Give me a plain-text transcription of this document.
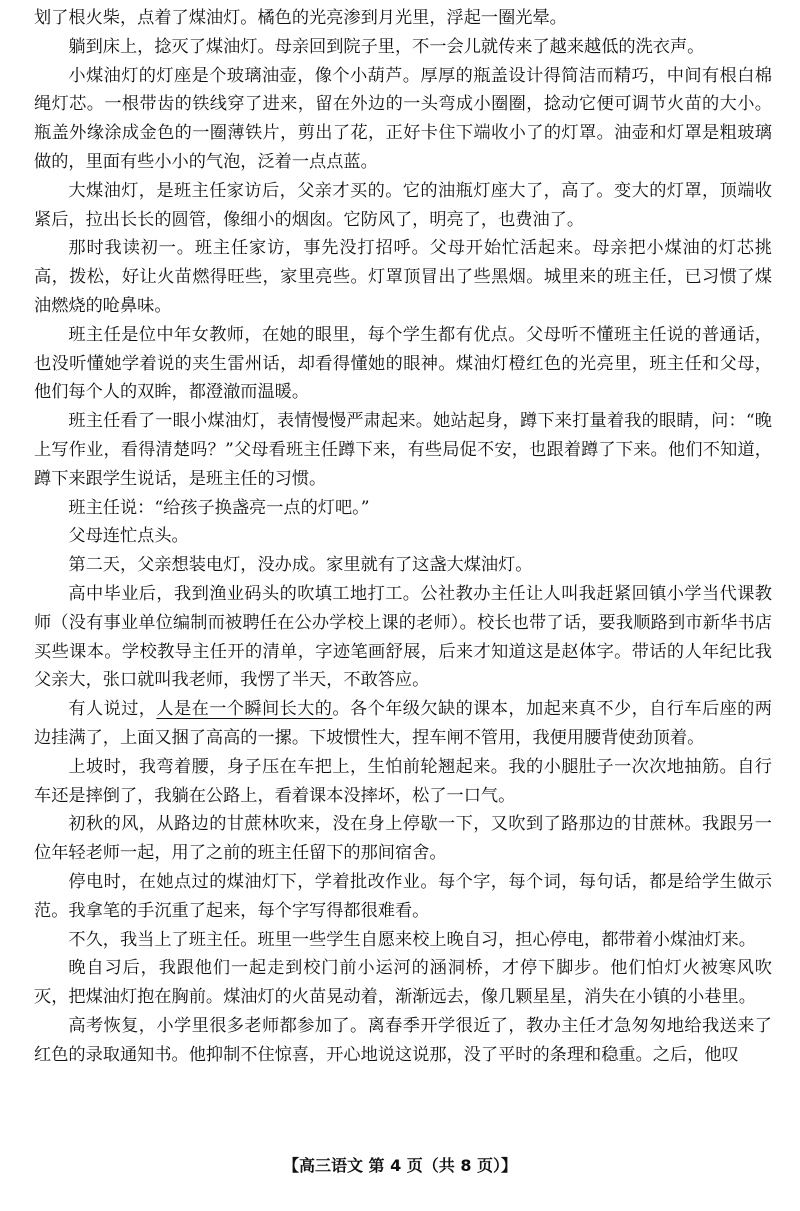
划了根火柴，点着了煤油灯。橘色的光亮渗到月光里，浮起一圈光晕。

躺到床上，捻灭了煤油灯。母亲回到院子里，不一会儿就传来了越来越低的洗衣声。

小煤油灯的灯座是个玻璃油壶，像个小葫芦。厚厚的瓶盖设计得简洁而精巧，中间有根白棉绳灯芯。一根带齿的铁线穿了进来，留在外边的一头弯成小圈圈，捻动它便可调节火苗的大小。瓶盖外缘涂成金色的一圈薄铁片，剪出了花，正好卡住下端收小了的灯罩。油壶和灯罩是粗玻璃做的，里面有些小小的气泡，泛着一点点蓝。

大煤油灯，是班主任家访后，父亲才买的。它的油瓶灯座大了，高了。变大的灯罩，顶端收紧后，拉出长长的圆管，像细小的烟囱。它防风了，明亮了，也费油了。

那时我读初一。班主任家访，事先没打招呼。父母开始忙活起来。母亲把小煤油的灯芯挑高，拨松，好让火苗燃得旺些，家里亮些。灯罩顶冒出了些黑烟。城里来的班主任，已习惯了煤油燃烧的呛鼻味。

班主任是位中年女教师，在她的眼里，每个学生都有优点。父母听不懂班主任说的普通话，也没听懂她学着说的夹生雷州话，却看得懂她的眼神。煤油灯橙红色的光亮里，班主任和父母，他们每个人的双眸，都澄澈而温暖。

班主任看了一眼小煤油灯，表情慢慢严肃起来。她站起身，蹲下来打量着我的眼睛，问：“晚上写作业，看得清楚吗？”父母看班主任蹲下来，有些局促不安，也跟着蹲了下来。他们不知道，蹲下来跟学生说话，是班主任的习惯。

班主任说：“给孩子换盏亮一点的灯吧。”

父母连忙点头。

第二天，父亲想装电灯，没办成。家里就有了这盏大煤油灯。

高中毕业后，我到渔业码头的吹填工地打工。公社教办主任让人叫我赶紧回镇小学当代课教师（没有事业单位编制而被聘任在公办学校上课的老师）。校长也带了话，要我顺路到市新华书店买些课本。学校教导主任开的清单，字迹笔画舒展，后来才知道这是赵体字。带话的人年纪比我父亲大，张口就叫我老师，我愣了半天，不敢答应。

有人说过，人是在一个瞬间长大的。各个年级欠缺的课本，加起来真不少，自行车后座的两边挂满了，上面又捆了高高的一摞。下坡惯性大，捏车闸不管用，我便用腰背使劲顶着。

上坡时，我弯着腰，身子压在车把上，生怕前轮翘起来。我的小腿肚子一次次地抽筋。自行车还是摔倒了，我躺在公路上，看着课本没摔坏，松了一口气。

初秋的风，从路边的甘蔗林吹来，没在身上停歇一下，又吹到了路那边的甘蔗林。我跟另一位年轻老师一起，用了之前的班主任留下的那间宿舍。

停电时，在她点过的煤油灯下，学着批改作业。每个字，每个词，每句话，都是给学生做示范。我拿笔的手沉重了起来，每个字写得都很难看。

不久，我当上了班主任。班里一些学生自愿来校上晚自习，担心停电，都带着小煤油灯来。

晚自习后，我跟他们一起走到校门前小运河的涵洞桥，才停下脚步。他们怕灯火被寒风吹灭，把煤油灯抱在胸前。煤油灯的火苗晃动着，渐渐远去，像几颗星星，消失在小镇的小巷里。

高考恢复，小学里很多老师都参加了。离春季开学很近了，教办主任才急匆匆地给我送来了红色的录取通知书。他抑制不住惊喜，开心地说这说那，没了平时的条理和稳重。之后，他叹

【高三语文 第 4 页（共 8 页）】
